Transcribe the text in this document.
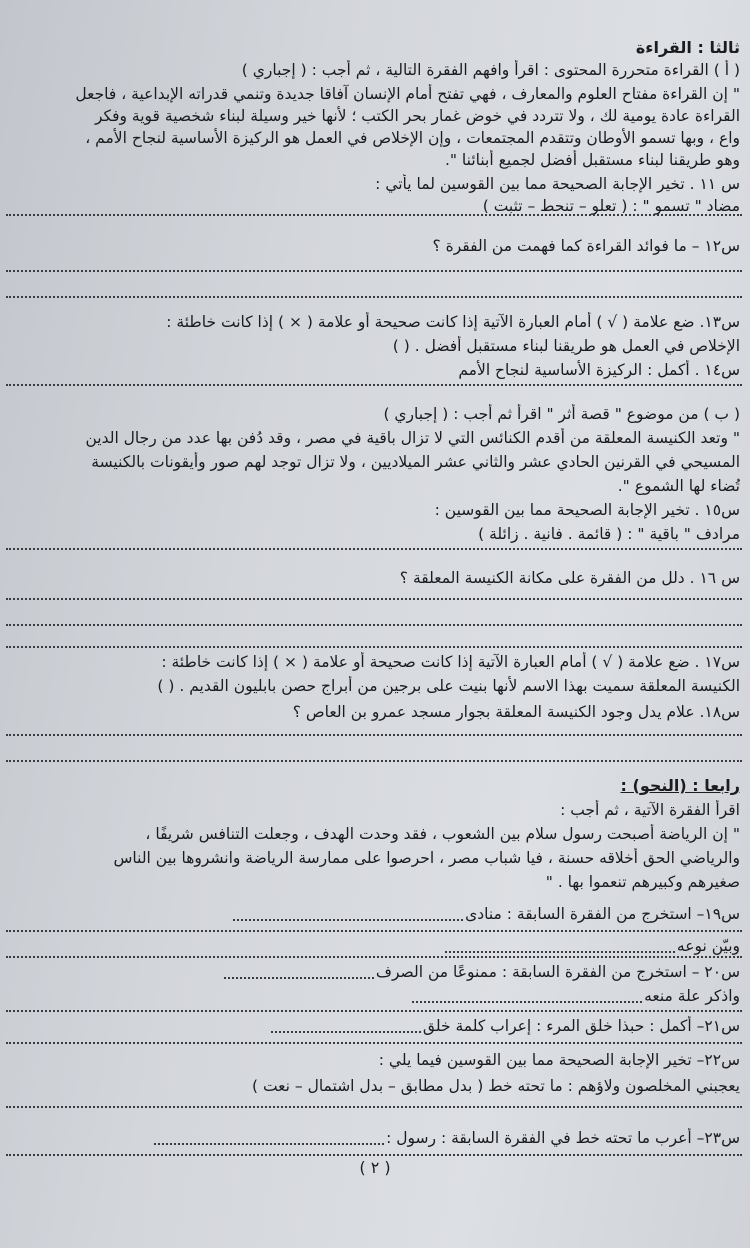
ثالثا : القراءة
( أ ) القراءة متحررة المحتوى : اقرأ وافهم الفقرة التالية ، ثم أجب : ( إجباري )
" إن القراءة مفتاح العلوم والمعارف ، فهي تفتح أمام الإنسان آفاقا جديدة وتنمي قدراته الإبداعية ، فاجعل
القراءة عادة يومية لك ، ولا تتردد في خوض غمار بحر الكتب ؛ لأنها خير وسيلة لبناء شخصية قوية وفكر
واع ، وبها تسمو الأوطان وتتقدم المجتمعات ، وإن الإخلاص في العمل هو الركيزة الأساسية لنجاح الأمم ،
وهو طريقنا لبناء مستقبل أفضل لجميع أبنائنا ".
س ١١ . تخير الإجابة الصحيحة مما بين القوسين لما يأتي :
مضاد " تسمو " : ( تعلو – تنحط – تثبت )
س١٢ – ما فوائد القراءة كما فهمت من الفقرة ؟
س١٣. ضع علامة ( √ ) أمام العبارة الآتية إذا كانت صحيحة أو علامة ( × ) إذا كانت خاطئة :
الإخلاص في العمل هو طريقنا لبناء مستقبل أفضل . ( )
س١٤ . أكمل : الركيزة الأساسية لنجاح الأمم
( ب ) من موضوع " قصة أثر " اقرأ ثم أجب : ( إجباري )
" وتعد الكنيسة المعلقة من أقدم الكنائس التي لا تزال باقية في مصر ، وقد دُفن بها عدد من رجال الدين
المسيحي في القرنين الحادي عشر والثاني عشر الميلاديين ، ولا تزال توجد لهم صور وأيقونات بالكنيسة
تُضاء لها الشموع ".
س١٥ . تخير الإجابة الصحيحة مما بين القوسين :
مرادف " باقية " : ( قائمة . فانية . زائلة )
س ١٦ . دلل من الفقرة على مكانة الكنيسة المعلقة ؟
س١٧ . ضع علامة ( √ ) أمام العبارة الآتية إذا كانت صحيحة أو علامة ( × ) إذا كانت خاطئة :
الكنيسة المعلقة سميت بهذا الاسم لأنها بنيت على برجين من أبراج حصن بابليون القديم . ( )
س١٨. علام يدل وجود الكنيسة المعلقة بجوار مسجد عمرو بن العاص ؟
رابعا : (النحو) :
اقرأ الفقرة الآتية ، ثم أجب :
" إن الرياضة أصبحت رسول سلام بين الشعوب ، فقد وحدت الهدف ، وجعلت التنافس شريفًا ،
والرياضي الحق أخلاقه حسنة ، فيا شباب مصر ، احرصوا على ممارسة الرياضة وانشروها بين الناس
صغيرهم وكبيرهم تنعموا بها . "
س١٩– استخرج من الفقرة السابقة : منادى
وبيّن نوعه
س٢٠ – استخرج من الفقرة السابقة : ممنوعًا من الصرف
واذكر علة منعه
س٢١– أكمل : حبذا خلق المرء : إعراب كلمة خلق
س٢٢– تخير الإجابة الصحيحة مما بين القوسين فيما يلي :
يعجبني المخلصون ولاؤهم : ما تحته خط ( بدل مطابق – بدل اشتمال – نعت )
س٢٣– أعرب ما تحته خط في الفقرة السابقة : رسول :
( ٢ )
